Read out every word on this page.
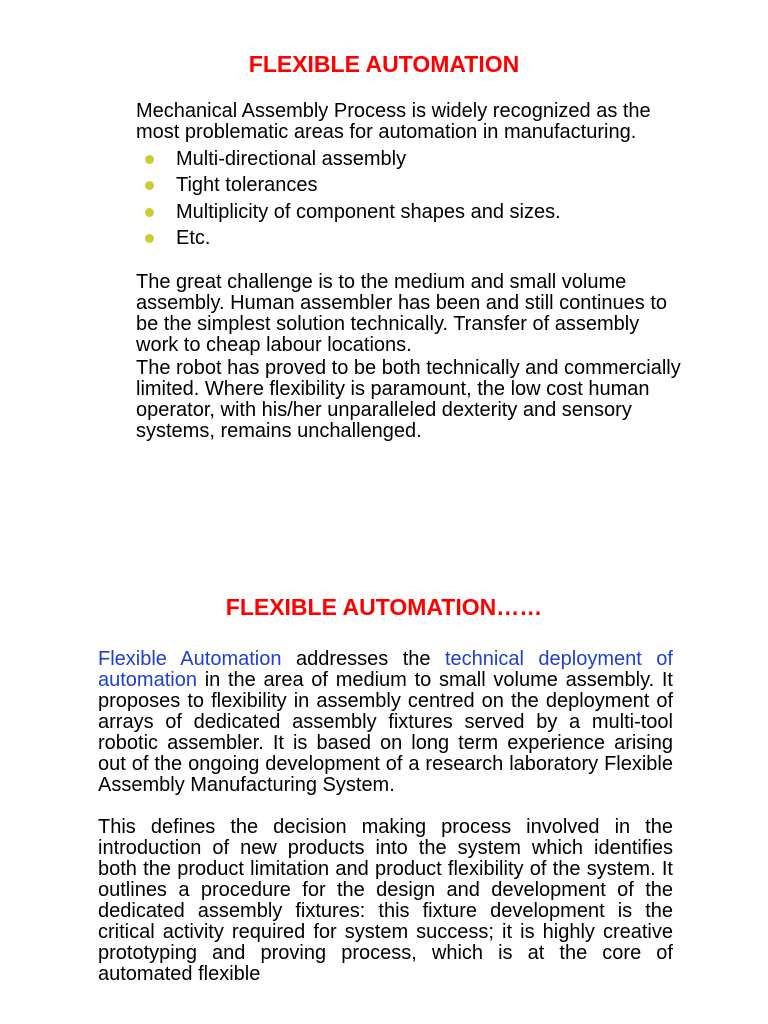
FLEXIBLE AUTOMATION

Mechanical Assembly Process is widely recognized as the most problematic areas for automation in manufacturing.

Multi-directional assembly
Tight tolerances
Multiplicity of component shapes and sizes.
Etc.

The great challenge is to the medium and small volume assembly. Human assembler has been and still continues to be the simplest solution technically. Transfer of assembly work to cheap labour locations.

The robot has proved to be both technically and commercially limited. Where flexibility is paramount, the low cost human operator, with his/her unparalleled dexterity and sensory systems, remains unchallenged.

FLEXIBLE AUTOMATION……

Flexible Automation addresses the technical deployment of automation in the area of medium to small volume assembly. It proposes to flexibility in assembly centred on the deployment of arrays of dedicated assembly fixtures served by a multi-tool robotic assembler. It is based on long term experience arising out of the ongoing development of a research laboratory Flexible Assembly Manufacturing System.

This defines the decision making process involved in the introduction of new products into the system which identifies both the product limitation and product flexibility of the system. It outlines a procedure for the design and development of the dedicated assembly fixtures: this fixture development is the critical activity required for system success; it is highly creative prototyping and proving process, which is at the core of automated flexible
